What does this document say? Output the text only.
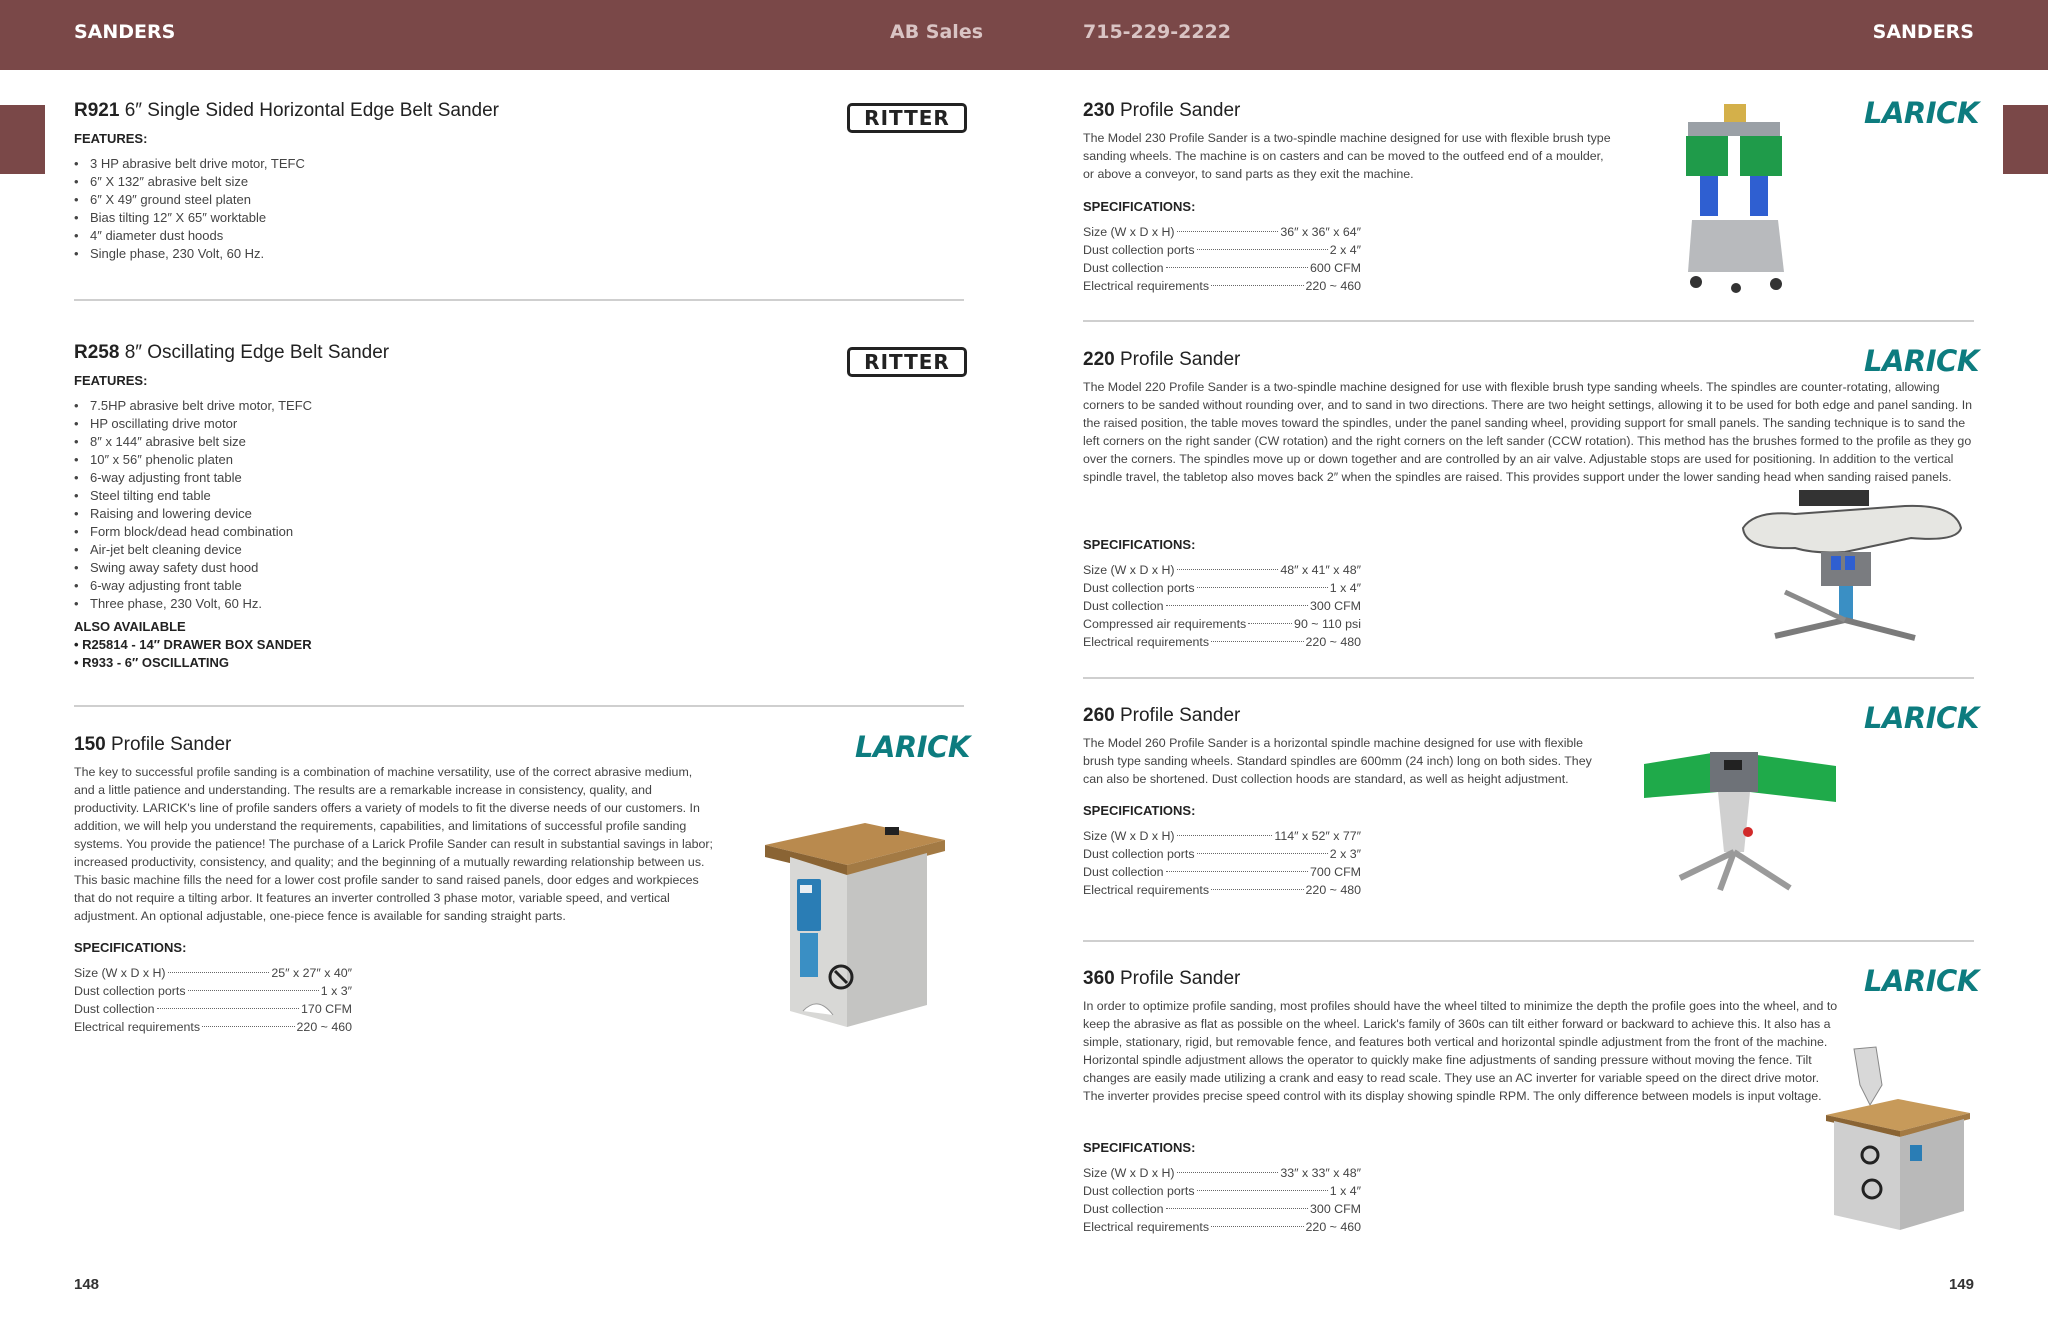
SANDERS	AB Sales	715-229-2222	SANDERS
R921 6″ Single Sided Horizontal Edge Belt Sander	RITTER
FEATURES:
• 3 HP abrasive belt drive motor, TEFC
• 6″ X 132″ abrasive belt size
• 6″ X 49″ ground steel platen
• Bias tilting 12″ X 65″ worktable
• 4″ diameter dust hoods
• Single phase, 230 Volt, 60 Hz.
R258 8″ Oscillating Edge Belt Sander	RITTER
FEATURES:
• 7.5HP abrasive belt drive motor, TEFC
• HP oscillating drive motor
• 8″ x 144″ abrasive belt size
• 10″ x 56″ phenolic platen
• 6-way adjusting front table
• Steel tilting end table
• Raising and lowering device
• Form block/dead head combination
• Air-jet belt cleaning device
• Swing away safety dust hood
• 6-way adjusting front table
• Three phase, 230 Volt, 60 Hz.
ALSO AVAILABLE
• R25814 - 14″ DRAWER BOX SANDER
• R933 - 6″ OSCILLATING
150 Profile Sander	LARICK
The key to successful profile sanding is a combination of machine versatility, use of the correct abrasive medium, and a little patience and understanding. The results are a remarkable increase in consistency, quality, and productivity. LARICK's line of profile sanders offers a variety of models to fit the diverse needs of our customers. In addition, we will help you understand the requirements, capabilities, and limitations of successful profile sanding systems. You provide the patience! The purchase of a Larick Profile Sander can result in substantial savings in labor; increased productivity, consistency, and quality; and the beginning of a mutually rewarding relationship between us. This basic machine fills the need for a lower cost profile sander to sand raised panels, door edges and workpieces that do not require a tilting arbor. It features an inverter controlled 3 phase motor, variable speed, and vertical adjustment. An optional adjustable, one-piece fence is available for sanding straight parts.
SPECIFICATIONS:
Size (W x D x H)	25″ x 27″ x 40″
Dust collection ports	1 x 3″
Dust collection	170 CFM
Electrical requirements	220 ~ 460
148
230 Profile Sander	LARICK
The Model 230 Profile Sander is a two-spindle machine designed for use with flexible brush type sanding wheels. The machine is on casters and can be moved to the outfeed end of a moulder, or above a conveyor, to sand parts as they exit the machine.
SPECIFICATIONS:
Size (W x D x H)	36″ x 36″ x 64″
Dust collection ports	2 x 4″
Dust collection	600 CFM
Electrical requirements	220 ~ 460
220 Profile Sander	LARICK
The Model 220 Profile Sander is a two-spindle machine designed for use with flexible brush type sanding wheels. The spindles are counter-rotating, allowing corners to be sanded without rounding over, and to sand in two directions. There are two height settings, allowing it to be used for both edge and panel sanding. In the raised position, the table moves toward the spindles, under the panel sanding wheel, providing support for small panels. The sanding technique is to sand the left corners on the right sander (CW rotation) and the right corners on the left sander (CCW rotation). This method has the brushes formed to the profile as they go over the corners. The spindles move up or down together and are controlled by an air valve. Adjustable stops are used for positioning. In addition to the vertical spindle travel, the tabletop also moves back 2″ when the spindles are raised. This provides support under the lower sanding head when sanding raised panels.
SPECIFICATIONS:
Size (W x D x H)	48″ x 41″ x 48″
Dust collection ports	1 x 4″
Dust collection	300 CFM
Compressed air requirements	90 ~ 110 psi
Electrical requirements	220 ~ 480
260 Profile Sander	LARICK
The Model 260 Profile Sander is a horizontal spindle machine designed for use with flexible brush type sanding wheels. Standard spindles are 600mm (24 inch) long on both sides. They can also be shortened. Dust collection hoods are standard, as well as height adjustment.
SPECIFICATIONS:
Size (W x D x H)	114″ x 52″ x 77″
Dust collection ports	2 x 3″
Dust collection	700 CFM
Electrical requirements	220 ~ 480
360 Profile Sander	LARICK
In order to optimize profile sanding, most profiles should have the wheel tilted to minimize the depth the profile goes into the wheel, and to keep the abrasive as flat as possible on the wheel. Larick's family of 360s can tilt either forward or backward to achieve this. It also has a simple, stationary, rigid, but removable fence, and features both vertical and horizontal spindle adjustment from the front of the machine. Horizontal spindle adjustment allows the operator to quickly make fine adjustments of sanding pressure without moving the fence. Tilt changes are easily made utilizing a crank and easy to read scale. They use an AC inverter for variable speed on the direct drive motor. The inverter provides precise speed control with its display showing spindle RPM. The only difference between models is input voltage.
SPECIFICATIONS:
Size (W x D x H)	33″ x 33″ x 48″
Dust collection ports	1 x 4″
Dust collection	300 CFM
Electrical requirements	220 ~ 460
149
